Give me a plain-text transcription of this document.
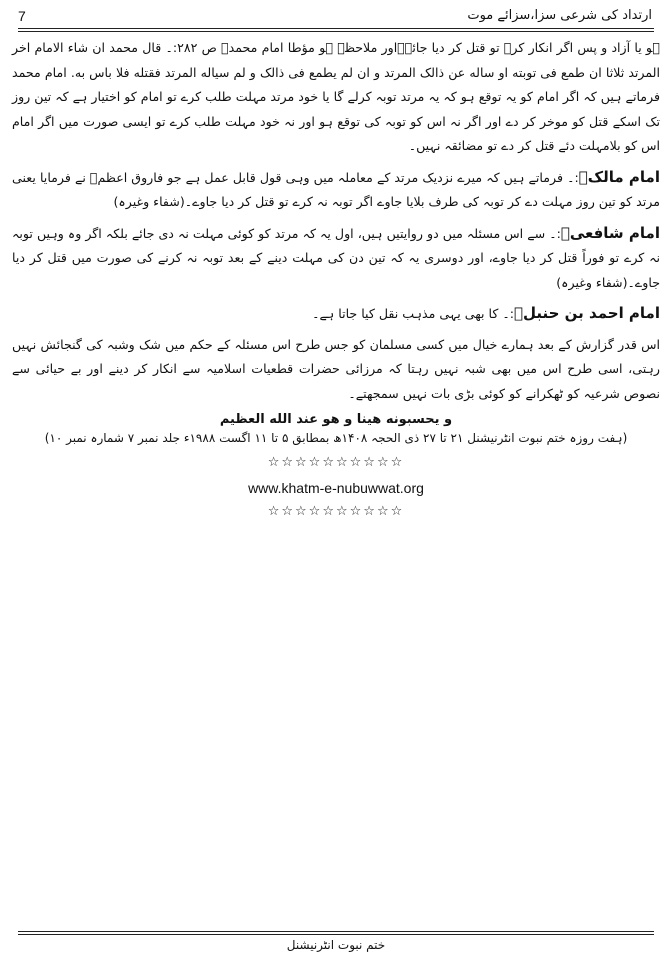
7	ارتداد کی شرعی سزا،سزائے موت

ہو یا آزاد و پس اگر انکار کرے تو قتل کر دیا جائے۔اور ملاحظہ ہو مؤطا امام محمدؒ ص ۲۸۲:۔ قال محمد ان شاء الامام اخر المرتد ثلاثا ان طمع فی توبته او ساله عن ذالک المرتد و ان لم یطمع فی ذالک و لم سیاله المرتد فقتله فلا باس به. امام محمد فرماتے ہیں کہ اگر امام کو یہ توقع ہو کہ یہ مرتد توبہ کرلے گا یا خود مرتد مہلت طلب کرے تو امام کو اختیار ہے کہ تین روز تک اسکے قتل کو موخر کر دے اور اگر نہ اس کو توبہ کی توقع ہو اور نہ خود مہلت طلب کرے تو ایسی صورت میں اگر امام اس کو بلامہلت دئے قتل کر دے تو مضائقہ نہیں۔

امام مالکؒ:۔ فرماتے ہیں کہ میرے نزدیک مرتد کے معاملہ میں وہی قول قابل عمل ہے جو فاروق اعظمؓ نے فرمایا یعنی مرتد کو تین روز مہلت دے کر توبہ کی طرف بلایا جاوے اگر توبہ نہ کرے تو قتل کر دیا جاوے۔(شفاء وغیرہ)

امام شافعیؒ:۔ سے اس مسئلہ میں دو روایتیں ہیں، اول یہ کہ مرتد کو کوئی مہلت نہ دی جائے بلکہ اگر وہ وہیں توبہ نہ کرے تو فوراً قتل کر دیا جاوے، اور دوسری یہ کہ تین دن کی مہلت دینے کے بعد توبہ نہ کرنے کی صورت میں قتل کر دیا جاوے۔(شفاء وغیرہ)

امام احمد بن حنبلؒ:۔ کا بھی یہی مذہب نقل کیا جاتا ہے۔

اس قدر گزارش کے بعد ہمارے خیال میں کسی مسلمان کو جس طرح اس مسئلہ کے حکم میں شک وشبہ کی گنجائش نہیں رہتی، اسی طرح اس میں بھی شبہ نہیں رہتا کہ مرزائی حضرات قطعیات اسلامیہ سے انکار کر دینے اور بے حیائی سے نصوص شرعیہ کو ٹھکرانے کو کوئی بڑی بات نہیں سمجھتے۔

و یحسبونه هینا و هو عند الله العظیم
(ہفت روزہ ختم نبوت انٹرنیشنل ۲۱ تا ۲۷ ذی الحجہ ۱۴۰۸ھ بمطابق ۵ تا ۱۱ اگست ۱۹۸۸ء جلد نمبر ۷ شمارہ نمبر ۱۰)
☆☆☆☆☆☆☆☆☆☆
www.khatm-e-nubuwwat.org
☆☆☆☆☆☆☆☆☆☆
ختم نبوت انٹرنیشنل
